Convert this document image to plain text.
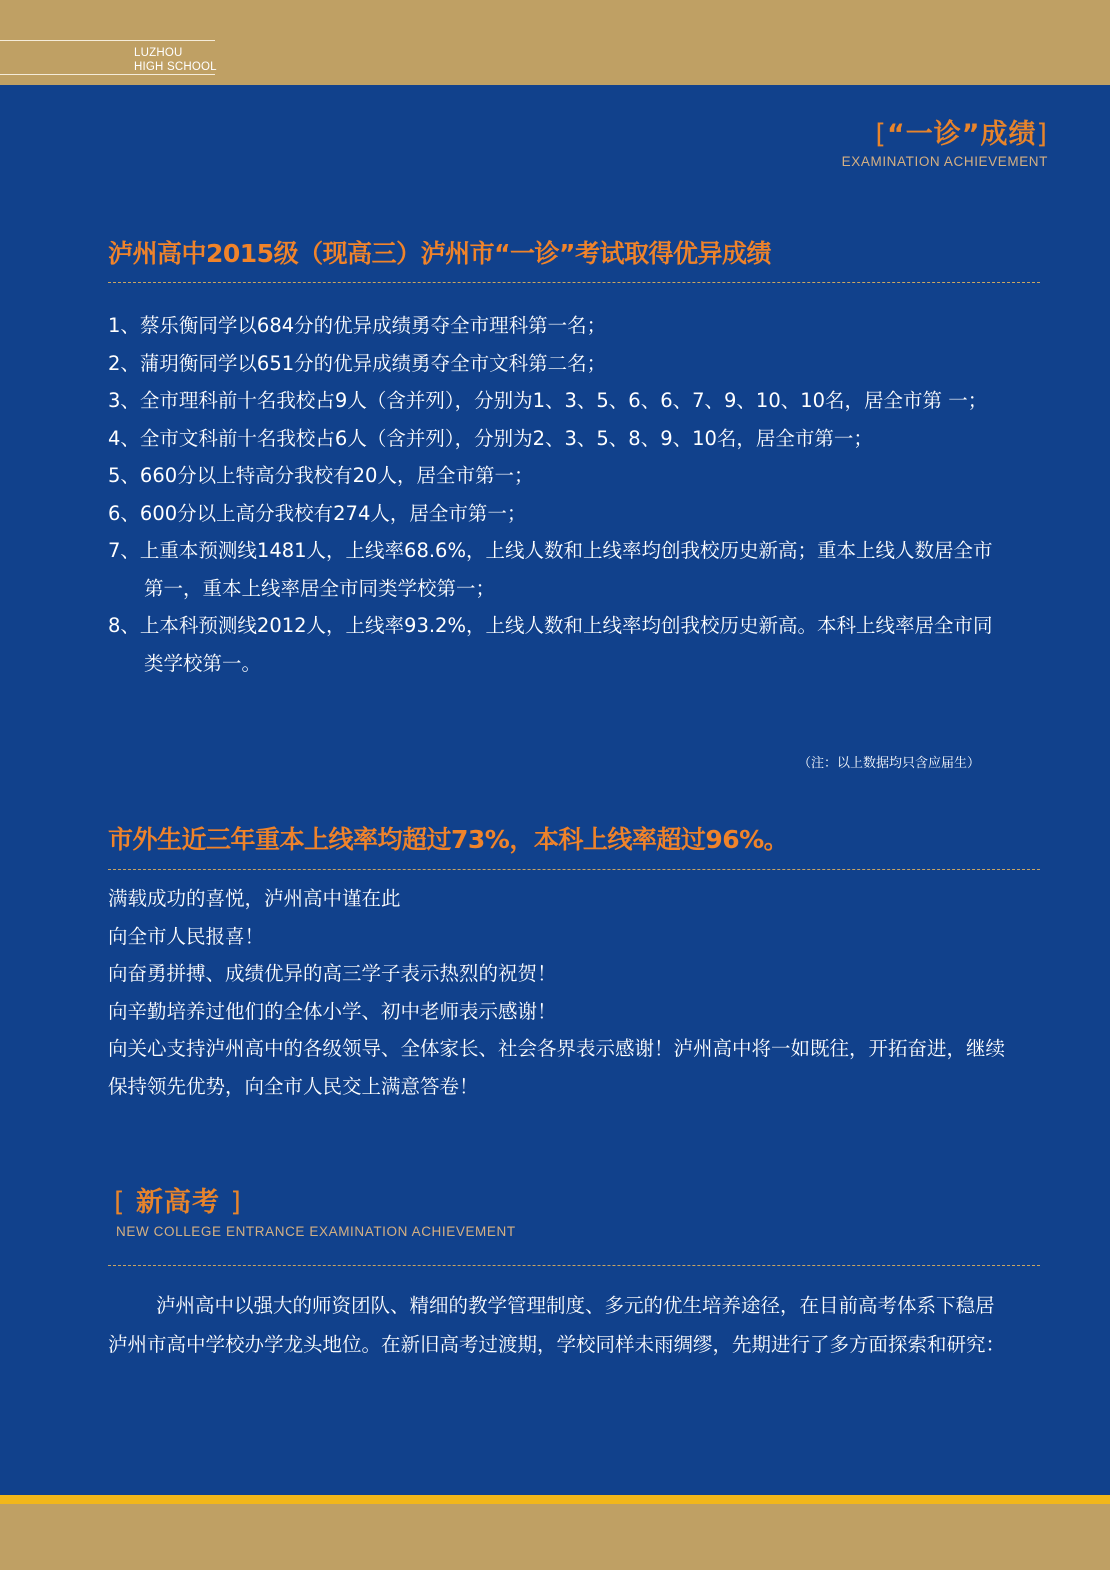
LUZHOU
HIGH SCHOOL
[“一诊”成绩]
EXAMINATION ACHIEVEMENT
泸州高中2015级（现高三）泸州市“一诊”考试取得优异成绩
1、蔡乐衡同学以684分的优异成绩勇夺全市理科第一名；
2、蒲玥衡同学以651分的优异成绩勇夺全市文科第二名；
3、全市理科前十名我校占9人（含并列），分别为1、3、5、6、6、7、9、10、10名，居全市第 一；
4、全市文科前十名我校占6人（含并列），分别为2、3、5、8、9、10名，居全市第一；
5、660分以上特高分我校有20人，居全市第一；
6、600分以上高分我校有274人，居全市第一；
7、上重本预测线1481人，上线率68.6%，上线人数和上线率均创我校历史新高；重本上线人数居全市第一，重本上线率居全市同类学校第一；
8、上本科预测线2012人，上线率93.2%，上线人数和上线率均创我校历史新高。本科上线率居全市同类学校第一。
（注：以上数据均只含应届生）
市外生近三年重本上线率均超过73%，本科上线率超过96%。
满载成功的喜悦，泸州高中谨在此
向全市人民报喜！
向奋勇拼搏、成绩优异的高三学子表示热烈的祝贺！
向辛勤培养过他们的全体小学、初中老师表示感谢！
向关心支持泸州高中的各级领导、全体家长、社会各界表示感谢！泸州高中将一如既往，开拓奋进，继续保持领先优势，向全市人民交上满意答卷！
[ 新高考 ]
NEW COLLEGE ENTRANCE EXAMINATION ACHIEVEMENT
泸州高中以强大的师资团队、精细的教学管理制度、多元的优生培养途径，在目前高考体系下稳居泸州市高中学校办学龙头地位。在新旧高考过渡期，学校同样未雨绸缪，先期进行了多方面探索和研究：
